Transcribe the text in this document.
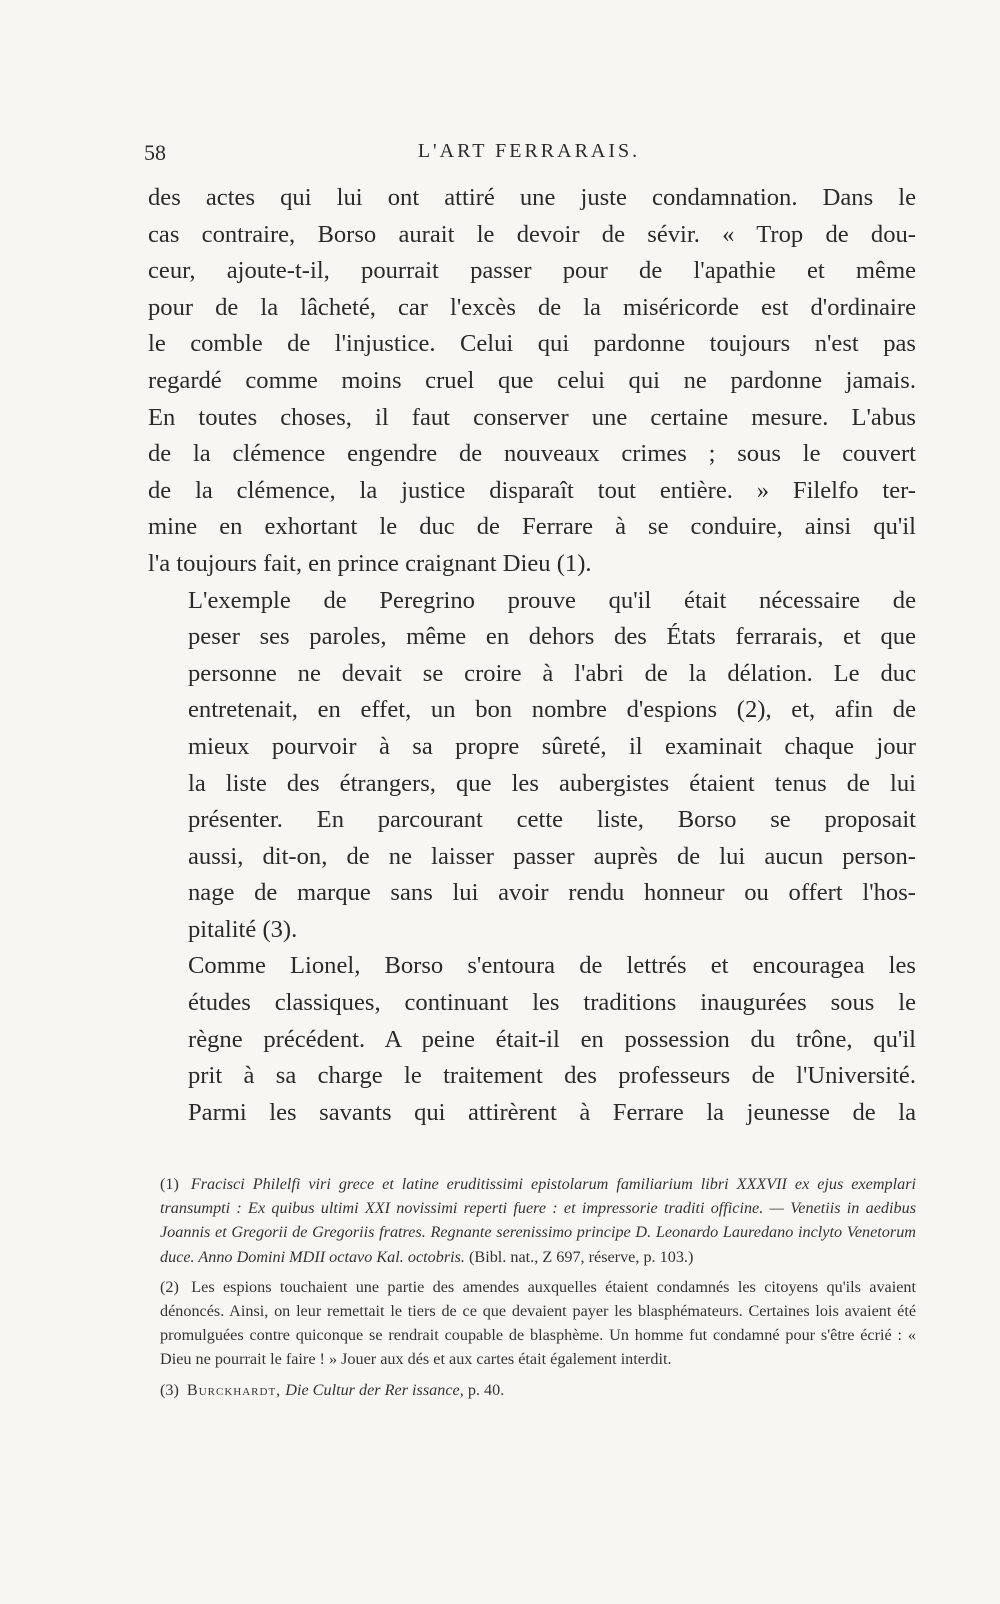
58	L'ART FERRARAIS.

des actes qui lui ont attiré une juste condamnation. Dans le
cas contraire, Borso aurait le devoir de sévir. « Trop de dou-
ceur, ajoute-t-il, pourrait passer pour de l'apathie et même
pour de la lâcheté, car l'excès de la miséricorde est d'ordinaire
le comble de l'injustice. Celui qui pardonne toujours n'est pas
regardé comme moins cruel que celui qui ne pardonne jamais.
En toutes choses, il faut conserver une certaine mesure. L'abus
de la clémence engendre de nouveaux crimes ; sous le couvert
de la clémence, la justice disparaît tout entière. » Filelfo ter-
mine en exhortant le duc de Ferrare à se conduire, ainsi qu'il
l'a toujours fait, en prince craignant Dieu (1).

L'exemple de Peregrino prouve qu'il était nécessaire de
peser ses paroles, même en dehors des États ferrarais, et que
personne ne devait se croire à l'abri de la délation. Le duc
entretenait, en effet, un bon nombre d'espions (2), et, afin de
mieux pourvoir à sa propre sûreté, il examinait chaque jour
la liste des étrangers, que les aubergistes étaient tenus de lui
présenter. En parcourant cette liste, Borso se proposait
aussi, dit-on, de ne laisser passer auprès de lui aucun person-
nage de marque sans lui avoir rendu honneur ou offert l'hos-
pitalité (3).

Comme Lionel, Borso s'entoura de lettrés et encouragea les
études classiques, continuant les traditions inaugurées sous le
règne précédent. A peine était-il en possession du trône, qu'il
prit à sa charge le traitement des professeurs de l'Université.
Parmi les savants qui attirèrent à Ferrare la jeunesse de la

(1) Fracisci Philelfi viri grece et latine eruditissimi epistolarum familiarium libri XXXVII ex ejus exemplari transumpti : Ex quibus ultimi XXI novissimi reperti fuere : et impressorie traditi officine. — Venetiis in aedibus Joannis et Gregorii de Gregoriis fratres. Regnante serenissimo principe D. Leonardo Lauredano inclyto Venetorum duce. Anno Domini MDII octavo Kal. octobris. (Bibl. nat., Z 697, réserve, p. 103.)

(2) Les espions touchaient une partie des amendes auxquelles étaient condamnés les citoyens qu'ils avaient dénoncés. Ainsi, on leur remettait le tiers de ce que devaient payer les blasphémateurs. Certaines lois avaient été promulguées contre quiconque se rendrait coupable de blasphème. Un homme fut condamné pour s'être écrié : « Dieu ne pourrait le faire ! » Jouer aux dés et aux cartes était également interdit.

(3) Burckhardt, Die Cultur der Rer issance, p. 40.
